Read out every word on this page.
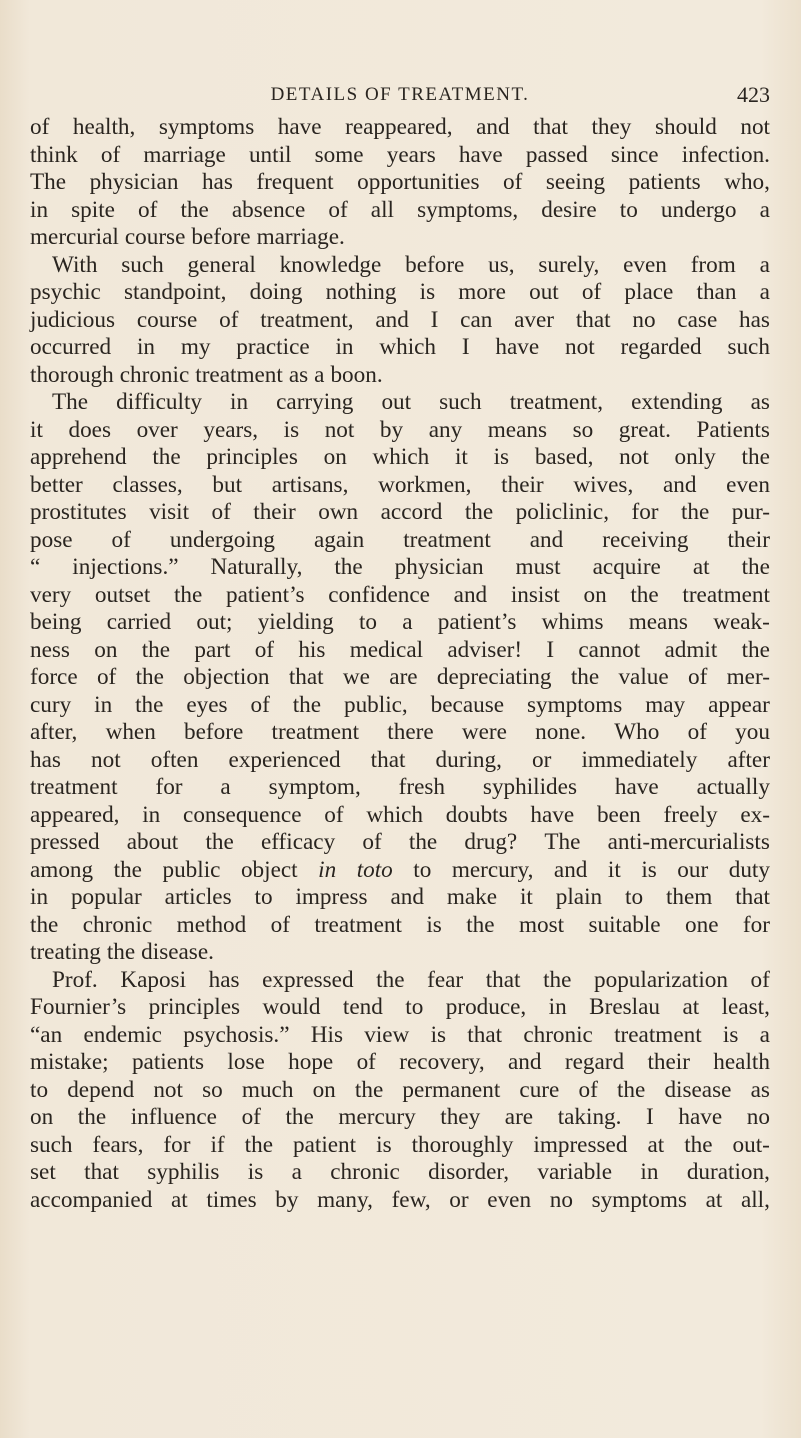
DETAILS OF TREATMENT.	423
of health, symptoms have reappeared, and that they should not
think of marriage until some years have passed since infection.
The physician has frequent opportunities of seeing patients who,
in spite of the absence of all symptoms, desire to undergo a
mercurial course before marriage.
With such general knowledge before us, surely, even from a
psychic standpoint, doing nothing is more out of place than a
judicious course of treatment, and I can aver that no case has
occurred in my practice in which I have not regarded such
thorough chronic treatment as a boon.
The difficulty in carrying out such treatment, extending as
it does over years, is not by any means so great. Patients
apprehend the principles on which it is based, not only the
better classes, but artisans, workmen, their wives, and even
prostitutes visit of their own accord the policlinic, for the pur-
pose of undergoing again treatment and receiving their
“ injections.” Naturally, the physician must acquire at the
very outset the patient’s confidence and insist on the treatment
being carried out; yielding to a patient’s whims means weak-
ness on the part of his medical adviser! I cannot admit the
force of the objection that we are depreciating the value of mer-
cury in the eyes of the public, because symptoms may appear
after, when before treatment there were none. Who of you
has not often experienced that during, or immediately after
treatment for a symptom, fresh syphilides have actually
appeared, in consequence of which doubts have been freely ex-
pressed about the efficacy of the drug? The anti-mercurialists
among the public object in toto to mercury, and it is our duty
in popular articles to impress and make it plain to them that
the chronic method of treatment is the most suitable one for
treating the disease.
Prof. Kaposi has expressed the fear that the popularization of
Fournier’s principles would tend to produce, in Breslau at least,
“an endemic psychosis.” His view is that chronic treatment is a
mistake; patients lose hope of recovery, and regard their health
to depend not so much on the permanent cure of the disease as
on the influence of the mercury they are taking. I have no
such fears, for if the patient is thoroughly impressed at the out-
set that syphilis is a chronic disorder, variable in duration,
accompanied at times by many, few, or even no symptoms at all,
